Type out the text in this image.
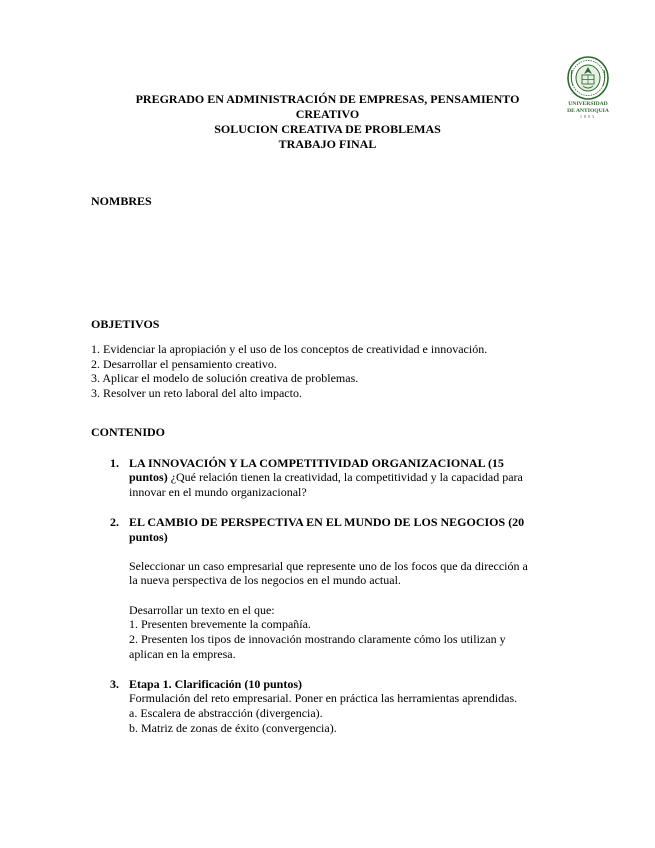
PREGRADO EN ADMINISTRACIÓN DE EMPRESAS, PENSAMIENTO
CREATIVO
SOLUCION CREATIVA DE PROBLEMAS
TRABAJO FINAL
UNIVERSIDAD
DE ANTIOQUIA
1803
NOMBRES
OBJETIVOS
1. Evidenciar la apropiación y el uso de los conceptos de creatividad e innovación.
2. Desarrollar el pensamiento creativo.
3. Aplicar el modelo de solución creativa de problemas.
3. Resolver un reto laboral del alto impacto.
CONTENIDO
1. LA INNOVACIÓN Y LA COMPETITIVIDAD ORGANIZACIONAL (15
puntos) ¿Qué relación tienen la creatividad, la competitividad y la capacidad para
innovar en el mundo organizacional?
2. EL CAMBIO DE PERSPECTIVA EN EL MUNDO DE LOS NEGOCIOS (20
puntos)
Seleccionar un caso empresarial que represente uno de los focos que da dirección a
la nueva perspectiva de los negocios en el mundo actual.
Desarrollar un texto en el que:
1. Presenten brevemente la compañía.
2. Presenten los tipos de innovación mostrando claramente cómo los utilizan y
aplican en la empresa.
3. Etapa 1. Clarificación (10 puntos)
Formulación del reto empresarial. Poner en práctica las herramientas aprendidas.
a. Escalera de abstracción (divergencia).
b. Matriz de zonas de éxito (convergencia).
